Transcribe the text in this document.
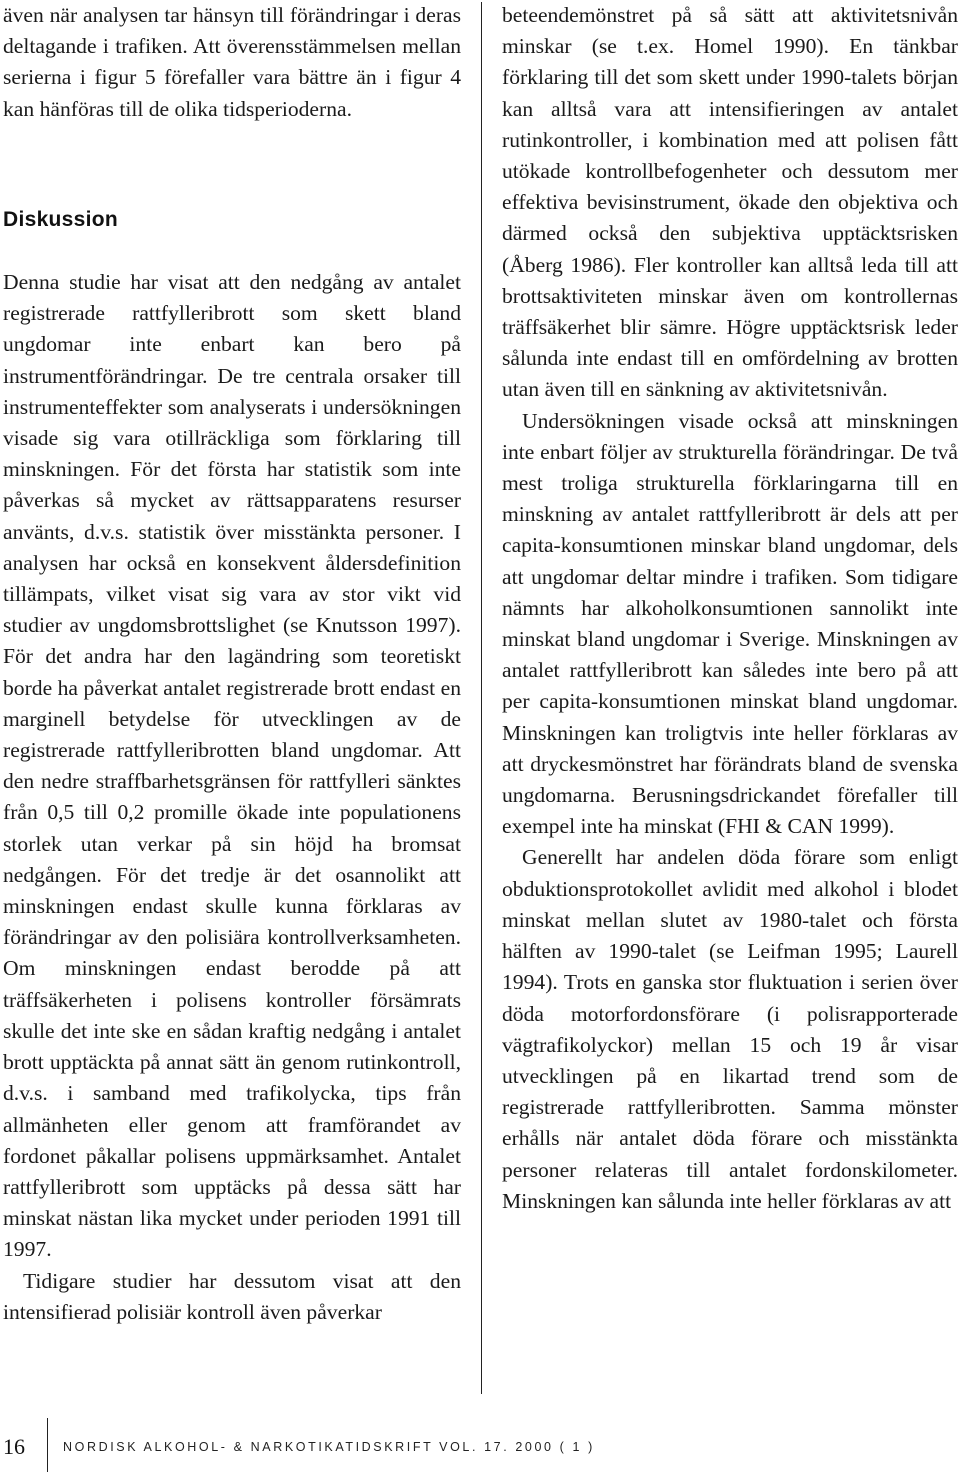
även när analysen tar hänsyn till förändringar i deras deltagande i trafiken. Att överensstämmelsen mellan serierna i figur 5 förefaller vara bättre än i figur 4 kan hänföras till de olika tidsperioderna.

Diskussion

Denna studie har visat att den nedgång av antalet registrerade rattfylleribrott som skett bland ungdomar inte enbart kan bero på instrumentförändringar. De tre centrala orsaker till instrumenteffekter som analyserats i undersökningen visade sig vara otillräckliga som förklaring till minskningen. För det första har statistik som inte påverkas så mycket av rättsapparatens resurser använts, d.v.s. statistik över misstänkta personer. I analysen har också en konsekvent åldersdefinition tillämpats, vilket visat sig vara av stor vikt vid studier av ungdomsbrottslighet (se Knutsson 1997). För det andra har den lagändring som teoretiskt borde ha påverkat antalet registrerade brott endast en marginell betydelse för utvecklingen av de registrerade rattfylleribrotten bland ungdomar. Att den nedre straffbarhetsgränsen för rattfylleri sänktes från 0,5 till 0,2 promille ökade inte populationens storlek utan verkar på sin höjd ha bromsat nedgången. För det tredje är det osannolikt att minskningen endast skulle kunna förklaras av förändringar av den polisiära kontrollverksamheten. Om minskningen endast berodde på att träffsäkerheten i polisens kontroller försämrats skulle det inte ske en sådan kraftig nedgång i antalet brott upptäckta på annat sätt än genom rutinkontroll, d.v.s. i samband med trafikolycka, tips från allmänheten eller genom att framförandet av fordonet påkallar polisens uppmärksamhet. Antalet rattfylleribrott som upptäcks på dessa sätt har minskat nästan lika mycket under perioden 1991 till 1997.

Tidigare studier har dessutom visat att den intensifierad polisiär kontroll även påverkar

beteendemönstret på så sätt att aktivitetsnivån minskar (se t.ex. Homel 1990). En tänkbar förklaring till det som skett under 1990-talets början kan alltså vara att intensifieringen av antalet rutinkontroller, i kombination med att polisen fått utökade kontrollbefogenheter och dessutom mer effektiva bevisinstrument, ökade den objektiva och därmed också den subjektiva upptäcktsrisken (Åberg 1986). Fler kontroller kan alltså leda till att brottsaktiviteten minskar även om kontrollernas träffsäkerhet blir sämre. Högre upptäcktsrisk leder sålunda inte endast till en omfördelning av brotten utan även till en sänkning av aktivitetsnivån.

Undersökningen visade också att minskningen inte enbart följer av strukturella förändringar. De två mest troliga strukturella förklaringarna till en minskning av antalet rattfylleribrott är dels att per capita-konsumtionen minskar bland ungdomar, dels att ungdomar deltar mindre i trafiken. Som tidigare nämnts har alkoholkonsumtionen sannolikt inte minskat bland ungdomar i Sverige. Minskningen av antalet rattfylleribrott kan således inte bero på att per capita-konsumtionen minskat bland ungdomar. Minskningen kan troligtvis inte heller förklaras av att dryckesmönstret har förändrats bland de svenska ungdomarna. Berusningsdrickandet förefaller till exempel inte ha minskat (FHI & CAN 1999).

Generellt har andelen döda förare som enligt obduktionsprotokollet avlidit med alkohol i blodet minskat mellan slutet av 1980-talet och första hälften av 1990-talet (se Leifman 1995; Laurell 1994). Trots en ganska stor fluktuation i serien över döda motorfordonsförare (i polisrapporterade vägtrafikolyckor) mellan 15 och 19 år visar utvecklingen på en likartad trend som de registrerade rattfylleribrotten. Samma mönster erhålls när antalet döda förare och misstänkta personer relateras till antalet fordonskilometer. Minskningen kan sålunda inte heller förklaras av att

16	NORDISK ALKOHOL- & NARKOTIKATIDSKRIFT VOL. 17. 2000 ( 1 )
